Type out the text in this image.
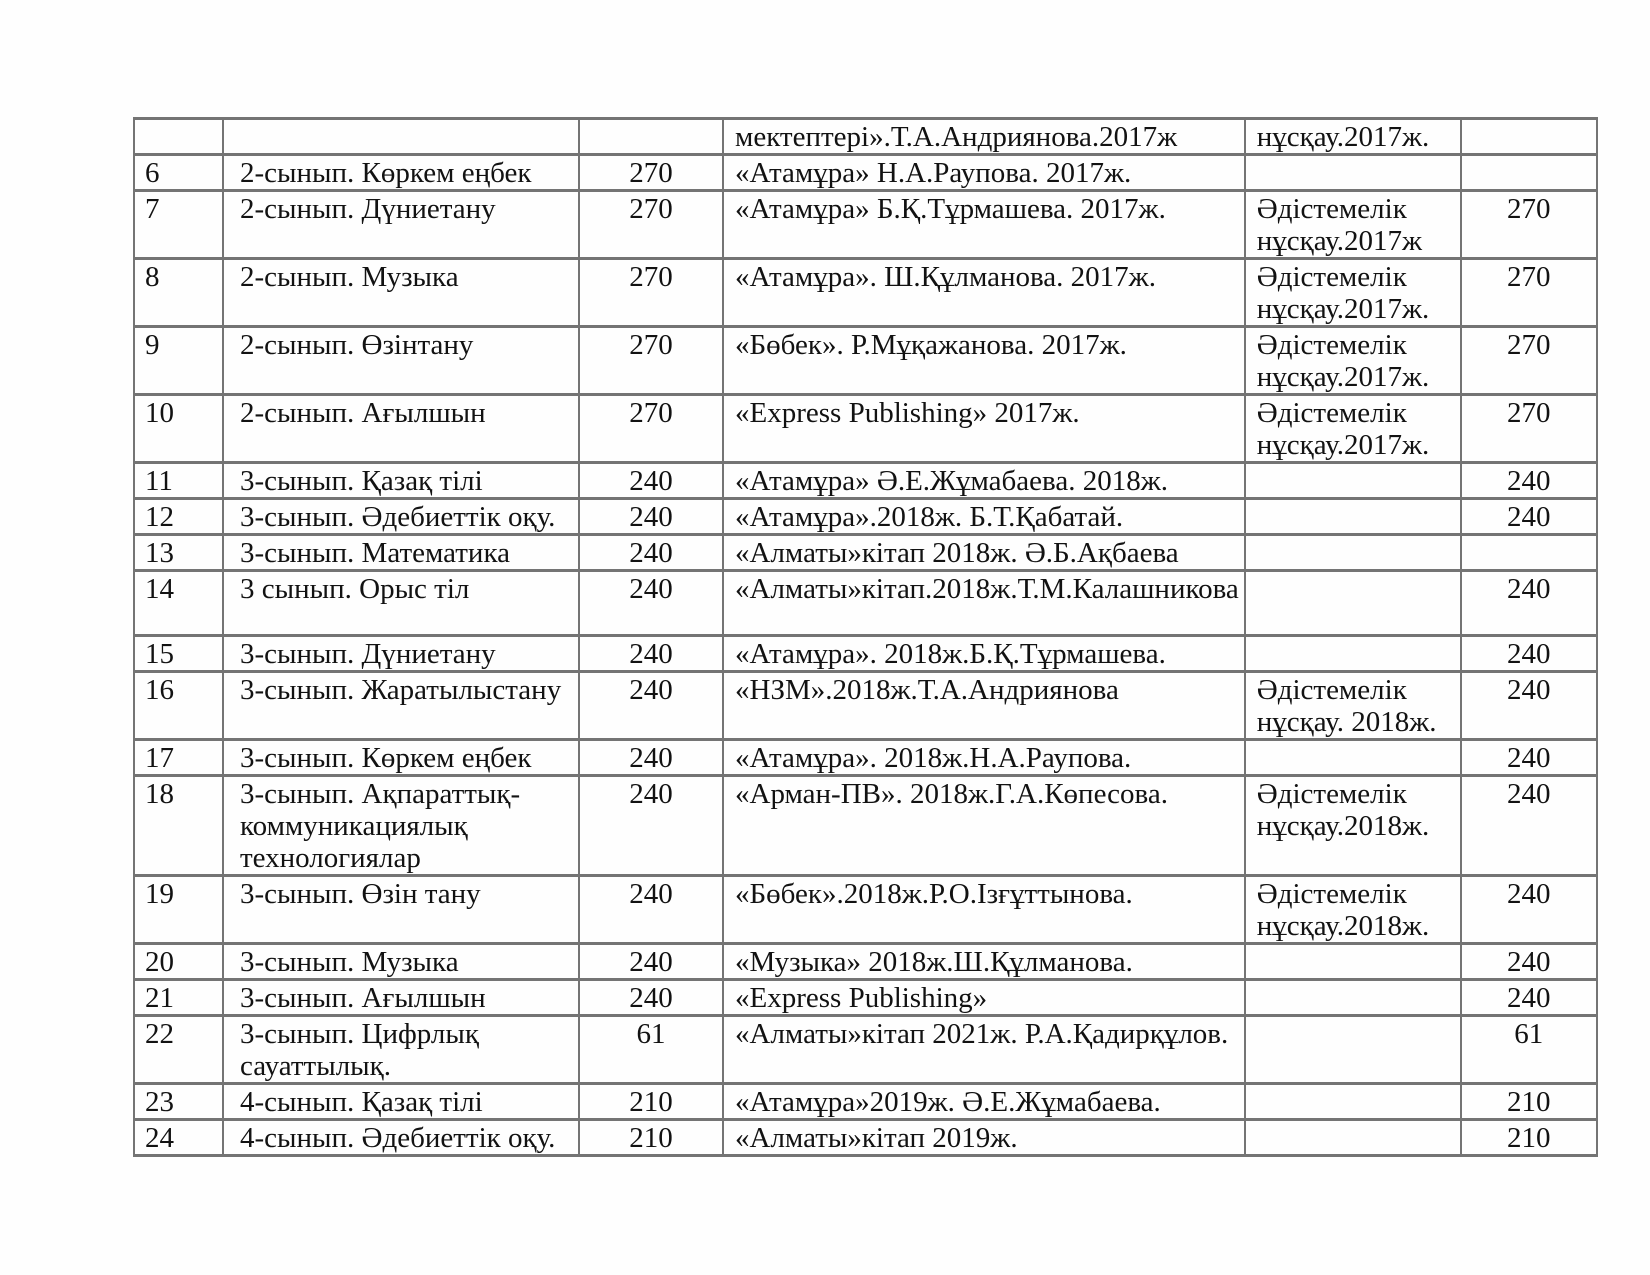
			мектептері».Т.А.Андриянова.2017ж	нұсқау.2017ж.	
6	2-сынып. Көркем еңбек	270	«Атамұра» Н.А.Раупова. 2017ж.		
7	2-сынып. Дүниетану	270	«Атамұра» Б.Қ.Тұрмашева. 2017ж.	Әдістемелік нұсқау.2017ж	270
8	2-сынып. Музыка	270	«Атамұра». Ш.Құлманова. 2017ж.	Әдістемелік нұсқау.2017ж.	270
9	2-сынып. Өзінтану	270	«Бөбек». Р.Мұқажанова. 2017ж.	Әдістемелік нұсқау.2017ж.	270
10	2-сынып. Ағылшын	270	«Express Publishing» 2017ж.	Әдістемелік нұсқау.2017ж.	270
11	3-сынып. Қазақ тілі	240	«Атамұра» Ә.Е.Жұмабаева. 2018ж.		240
12	3-сынып. Әдебиеттік оқу.	240	«Атамұра».2018ж. Б.Т.Қабатай.		240
13	3-сынып. Математика	240	«Алматы»кітап 2018ж. Ә.Б.Ақбаева		
14	3 сынып. Орыс тіл	240	«Алматы»кітап.2018ж.Т.М.Калашникова		240
15	3-сынып. Дүниетану	240	«Атамұра». 2018ж.Б.Қ.Тұрмашева.		240
16	3-сынып. Жаратылыстану	240	«НЗМ».2018ж.Т.А.Андриянова	Әдістемелік нұсқау. 2018ж.	240
17	3-сынып. Көркем еңбек	240	«Атамұра». 2018ж.Н.А.Раупова.		240
18	3-сынып. Ақпараттық-коммуникациялық технологиялар	240	«Арман-ПВ». 2018ж.Г.А.Көпесова.	Әдістемелік нұсқау.2018ж.	240
19	3-сынып. Өзін тану	240	«Бөбек».2018ж.Р.О.Ізғұттынова.	Әдістемелік нұсқау.2018ж.	240
20	3-сынып. Музыка	240	«Музыка» 2018ж.Ш.Құлманова.		240
21	3-сынып. Ағылшын	240	«Express Publishing»		240
22	3-сынып. Цифрлық сауаттылық.	61	«Алматы»кітап 2021ж. Р.А.Қадирқұлов.		61
23	4-сынып. Қазақ тілі	210	«Атамұра»2019ж. Ә.Е.Жұмабаева.		210
24	4-сынып. Әдебиеттік оқу.	210	«Алматы»кітап 2019ж.		210
